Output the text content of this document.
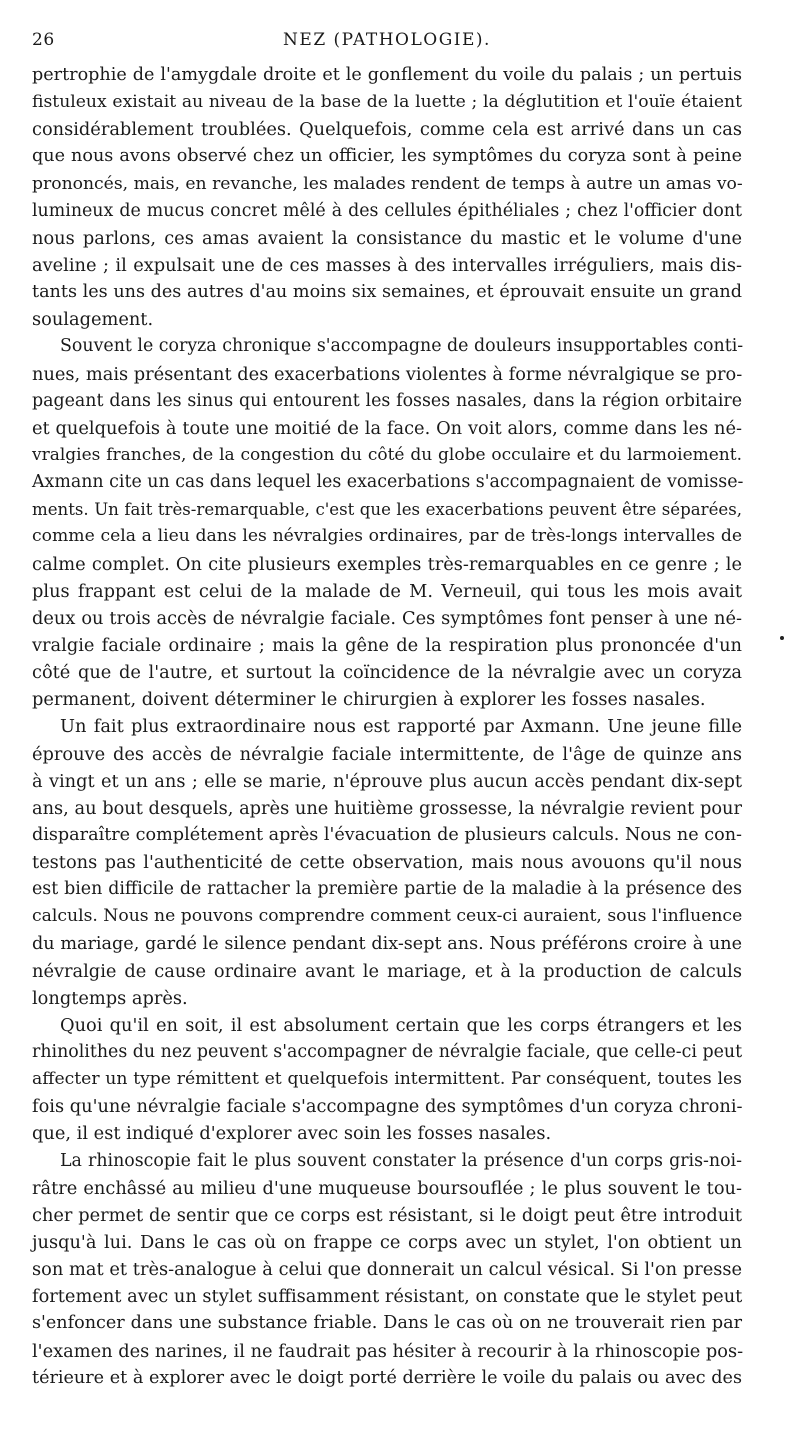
26	NEZ (PATHOLOGIE).
pertrophie de l'amygdale droite et le gonflement du voile du palais ; un pertuis
fistuleux existait au niveau de la base de la luette ; la déglutition et l'ouïe étaient
considérablement troublées. Quelquefois, comme cela est arrivé dans un cas
que nous avons observé chez un officier, les symptômes du coryza sont à peine
prononcés, mais, en revanche, les malades rendent de temps à autre un amas vo-
lumineux de mucus concret mêlé à des cellules épithéliales ; chez l'officier dont
nous parlons, ces amas avaient la consistance du mastic et le volume d'une
aveline ; il expulsait une de ces masses à des intervalles irréguliers, mais dis-
tants les uns des autres d'au moins six semaines, et éprouvait ensuite un grand
soulagement.
Souvent le coryza chronique s'accompagne de douleurs insupportables conti-
nues, mais présentant des exacerbations violentes à forme névralgique se pro-
pageant dans les sinus qui entourent les fosses nasales, dans la région orbitaire
et quelquefois à toute une moitié de la face. On voit alors, comme dans les né-
vralgies franches, de la congestion du côté du globe occulaire et du larmoiement.
Axmann cite un cas dans lequel les exacerbations s'accompagnaient de vomisse-
ments. Un fait très-remarquable, c'est que les exacerbations peuvent être séparées,
comme cela a lieu dans les névralgies ordinaires, par de très-longs intervalles de
calme complet. On cite plusieurs exemples très-remarquables en ce genre ; le
plus frappant est celui de la malade de M. Verneuil, qui tous les mois avait
deux ou trois accès de névralgie faciale. Ces symptômes font penser à une né-
vralgie faciale ordinaire ; mais la gêne de la respiration plus prononcée d'un
côté que de l'autre, et surtout la coïncidence de la névralgie avec un coryza
permanent, doivent déterminer le chirurgien à explorer les fosses nasales.
Un fait plus extraordinaire nous est rapporté par Axmann. Une jeune fille
éprouve des accès de névralgie faciale intermittente, de l'âge de quinze ans
à vingt et un ans ; elle se marie, n'éprouve plus aucun accès pendant dix-sept
ans, au bout desquels, après une huitième grossesse, la névralgie revient pour
disparaître complétement après l'évacuation de plusieurs calculs. Nous ne con-
testons pas l'authenticité de cette observation, mais nous avouons qu'il nous
est bien difficile de rattacher la première partie de la maladie à la présence des
calculs. Nous ne pouvons comprendre comment ceux-ci auraient, sous l'influence
du mariage, gardé le silence pendant dix-sept ans. Nous préférons croire à une
névralgie de cause ordinaire avant le mariage, et à la production de calculs
longtemps après.
Quoi qu'il en soit, il est absolument certain que les corps étrangers et les
rhinolithes du nez peuvent s'accompagner de névralgie faciale, que celle-ci peut
affecter un type rémittent et quelquefois intermittent. Par conséquent, toutes les
fois qu'une névralgie faciale s'accompagne des symptômes d'un coryza chroni-
que, il est indiqué d'explorer avec soin les fosses nasales.
La rhinoscopie fait le plus souvent constater la présence d'un corps gris-noi-
râtre enchâssé au milieu d'une muqueuse boursouflée ; le plus souvent le tou-
cher permet de sentir que ce corps est résistant, si le doigt peut être introduit
jusqu'à lui. Dans le cas où on frappe ce corps avec un stylet, l'on obtient un
son mat et très-analogue à celui que donnerait un calcul vésical. Si l'on presse
fortement avec un stylet suffisamment résistant, on constate que le stylet peut
s'enfoncer dans une substance friable. Dans le cas où on ne trouverait rien par
l'examen des narines, il ne faudrait pas hésiter à recourir à la rhinoscopie pos-
térieure et à explorer avec le doigt porté derrière le voile du palais ou avec des
